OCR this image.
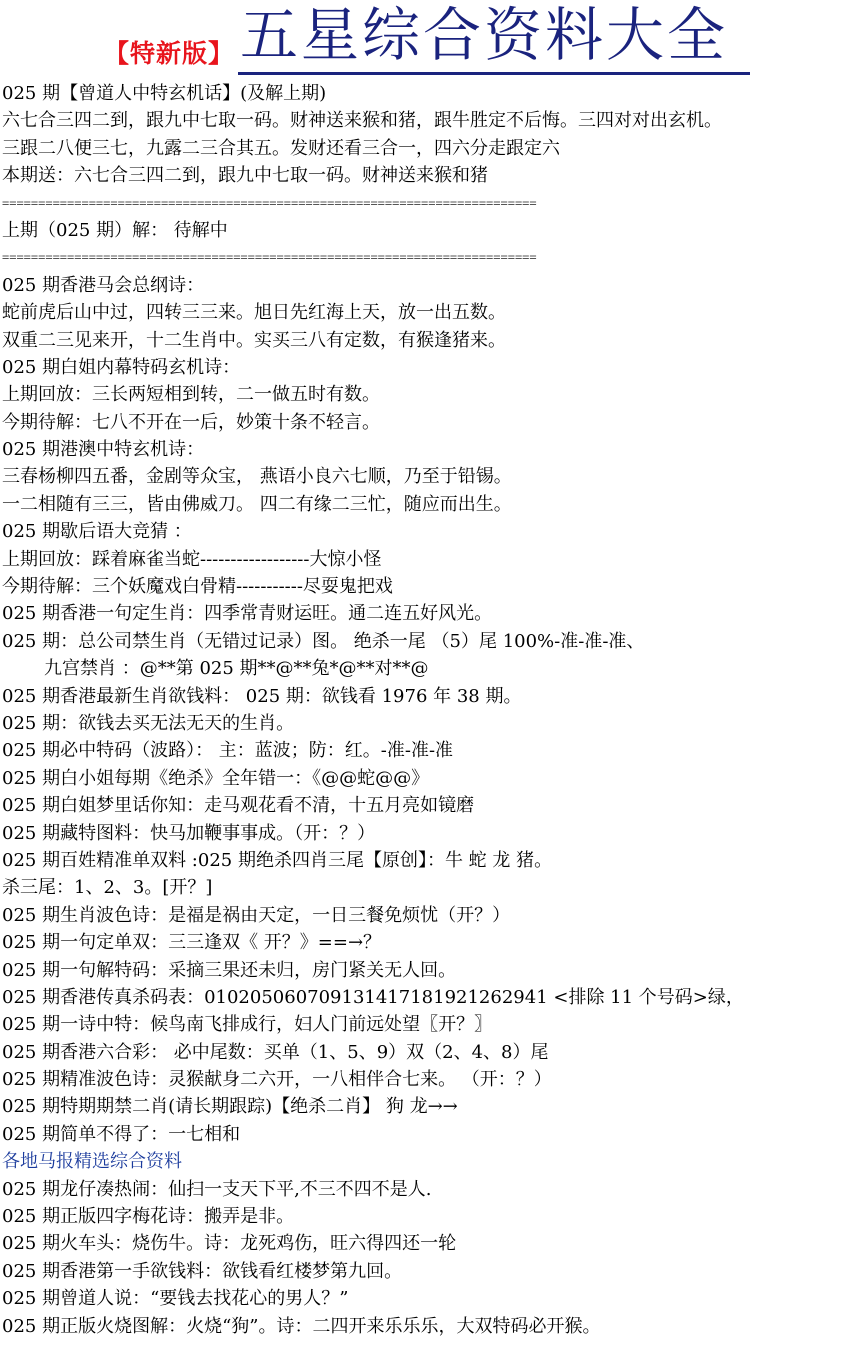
【特新版】 五星综合资料大全
025 期【曾道人中特玄机话】(及解上期)
六七合三四二到，跟九中七取一码。财神送来猴和猪，跟牛胜定不后悔。三四对对出玄机。
三跟二八便三七，九露二三合其五。发财还看三合一，四六分走跟定六
本期送：六七合三四二到，跟九中七取一码。财神送来猴和猪
==========================================================================
上期（025 期）解： 待解中
==========================================================================
025 期香港马会总纲诗：
蛇前虎后山中过，四转三三来。旭日先红海上天，放一出五数。
双重二三见来开，十二生肖中。实买三八有定数，有猴逢猪来。
025 期白姐内幕特码玄机诗：
上期回放：三长两短相到转，二一做五时有数。
今期待解：七八不开在一后，妙策十条不轻言。
025 期港澳中特玄机诗：
三春杨柳四五番，金剧等众宝， 燕语小良六七顺，乃至于铅锡。
一二相随有三三，皆由佛威刀。 四二有缘二三忙，随应而出生。
025 期歇后语大竞猜 ：
上期回放：踩着麻雀当蛇------------------大惊小怪
今期待解：三个妖魔戏白骨精-----------尽耍鬼把戏
025 期香港一句定生肖：四季常青财运旺。通二连五好风光。
025 期：总公司禁生肖（无错过记录）图。 绝杀一尾 （5）尾 100%-准-准-准、
九宫禁肖 ：@**第 025 期**@**兔*@**对**@
025 期香港最新生肖欲钱料： 025 期：欲钱看 1976 年 38 期。
025 期：欲钱去买无法无天的生肖。
025 期必中特码（波路）： 主：蓝波；防：红。-准-准-准
025 期白小姐每期《绝杀》全年错一：《@@蛇@@》
025 期白姐梦里话你知：走马观花看不清，十五月亮如镜磨
025 期藏特图料：快马加鞭事事成。（开：？）
025 期百姓精准单双料 :025 期绝杀四肖三尾【原创】：牛 蛇 龙 猪。
杀三尾：1、2、3。[开？]
025 期生肖波色诗：是福是祸由天定，一日三餐免烦忧（开？）
025 期一句定单双：三三逢双《 开？》==→？
025 期一句解特码：采摘三果还未归，房门紧关无人回。
025 期香港传真杀码表：0102050607091314171819212629​41 <排除 11 个号码>绿，
025 期一诗中特：候鸟南飞排成行，妇人门前远处望〖开？〗
025 期香港六合彩： 必中尾数：买单（1、5、9）双（2、4、8）尾
025 期精准波色诗：灵猴献身二六开，一八相伴合七来。 （开：？）
025 期特期期禁二肖(请长期跟踪)【绝杀二肖】 狗 龙→→
025 期简单不得了：一七相和
各地马报精选综合资料
025 期龙仔凑热闹：仙扫一支天下平,不三不四不是人.
025 期正版四字梅花诗：搬弄是非。
025 期火车头：烧伤牛。诗：龙死鸡伤，旺六得四还一轮
025 期香港第一手欲钱料：欲钱看红楼梦第九回。
025 期曾道人说：“要钱去找花心的男人？”
025 期正版火烧图解：火烧“狗”。诗：二四开来乐乐乐，大双特码必开猴。
